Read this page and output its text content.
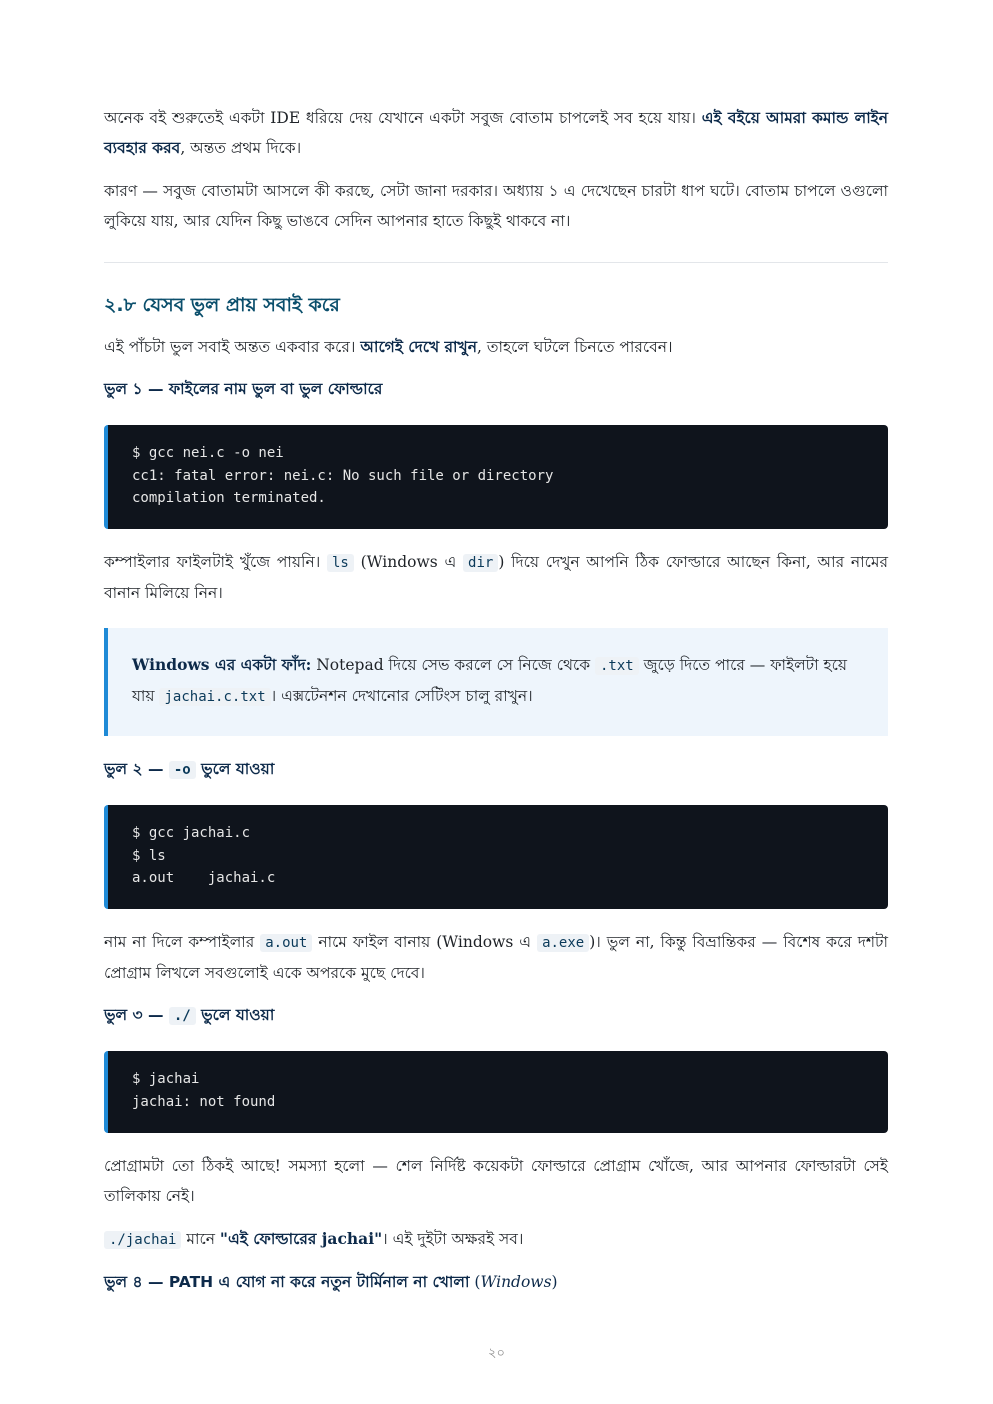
অনেক বই শুরুতেই একটা IDE ধরিয়ে দেয় যেখানে একটা সবুজ বোতাম চাপলেই সব হয়ে যায়। এই বইয়ে আমরা কমান্ড লাইন ব্যবহার করব, অন্তত প্রথম দিকে।

কারণ — সবুজ বোতামটা আসলে কী করছে, সেটা জানা দরকার। অধ্যায় ১ এ দেখেছেন চারটা ধাপ ঘটে। বোতাম চাপলে ওগুলো লুকিয়ে যায়, আর যেদিন কিছু ভাঙবে সেদিন আপনার হাতে কিছুই থাকবে না।

২.৮ যেসব ভুল প্রায় সবাই করে

এই পাঁচটা ভুল সবাই অন্তত একবার করে। আগেই দেখে রাখুন, তাহলে ঘটলে চিনতে পারবেন।

ভুল ১ — ফাইলের নাম ভুল বা ভুল ফোল্ডারে
$ gcc nei.c -o nei
cc1: fatal error: nei.c: No such file or directory
compilation terminated.

কম্পাইলার ফাইলটাই খুঁজে পায়নি। ls (Windows এ dir ) দিয়ে দেখুন আপনি ঠিক ফোল্ডারে আছেন কিনা, আর নামের বানান মিলিয়ে নিন।

Windows এর একটা ফাঁদ: Notepad দিয়ে সেভ করলে সে নিজে থেকে .txt জুড়ে দিতে পারে — ফাইলটা হয়ে যায় jachai.c.txt । এক্সটেনশন দেখানোর সেটিংস চালু রাখুন।
ভুল ২ — -o ভুলে যাওয়া
$ gcc jachai.c
$ ls
a.out    jachai.c

নাম না দিলে কম্পাইলার a.out নামে ফাইল বানায় (Windows এ a.exe )। ভুল না, কিন্তু বিভ্রান্তিকর — বিশেষ করে দশটা প্রোগ্রাম লিখলে সবগুলোই একে অপরকে মুছে দেবে।

ভুল ৩ — ./ ভুলে যাওয়া
$ jachai
jachai: not found

প্রোগ্রামটা তো ঠিকই আছে! সমস্যা হলো — শেল নির্দিষ্ট কয়েকটা ফোল্ডারে প্রোগ্রাম খোঁজে, আর আপনার ফোল্ডারটা সেই তালিকায় নেই।

./jachai মানে "এই ফোল্ডারের jachai"। এই দুইটা অক্ষরই সব।

ভুল ৪ — PATH এ যোগ না করে নতুন টার্মিনাল না খোলা (Windows)
২০
